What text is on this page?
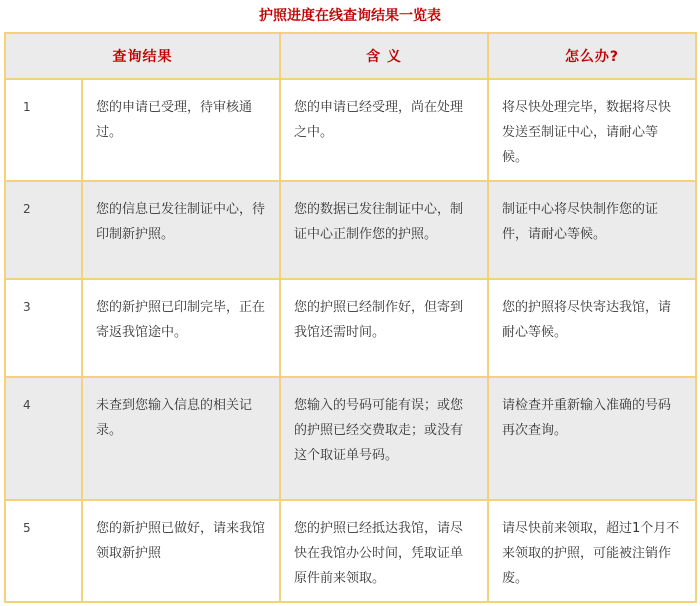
护照进度在线查询结果一览表
查询结果		含 义	怎么办?
1	您的申请已受理，待审核通过。	您的申请已经受理，尚在处理之中。	将尽快处理完毕，数据将尽快发送至制证中心，请耐心等候。
2	您的信息已发往制证中心，待印制新护照。	您的数据已发往制证中心，制证中心正制作您的护照。	制证中心将尽快制作您的证件，请耐心等候。
3	您的新护照已印制完毕，正在寄返我馆途中。	您的护照已经制作好，但寄到我馆还需时间。	您的护照将尽快寄达我馆，请耐心等候。
4	未查到您输入信息的相关记录。	您输入的号码可能有误；或您的护照已经交费取走；或没有这个取证单号码。	请检查并重新输入准确的号码再次查询。
5	您的新护照已做好，请来我馆领取新护照	您的护照已经抵达我馆，请尽快在我馆办公时间，凭取证单原件前来领取。	请尽快前来领取，超过1个月不来领取的护照，可能被注销作废。
